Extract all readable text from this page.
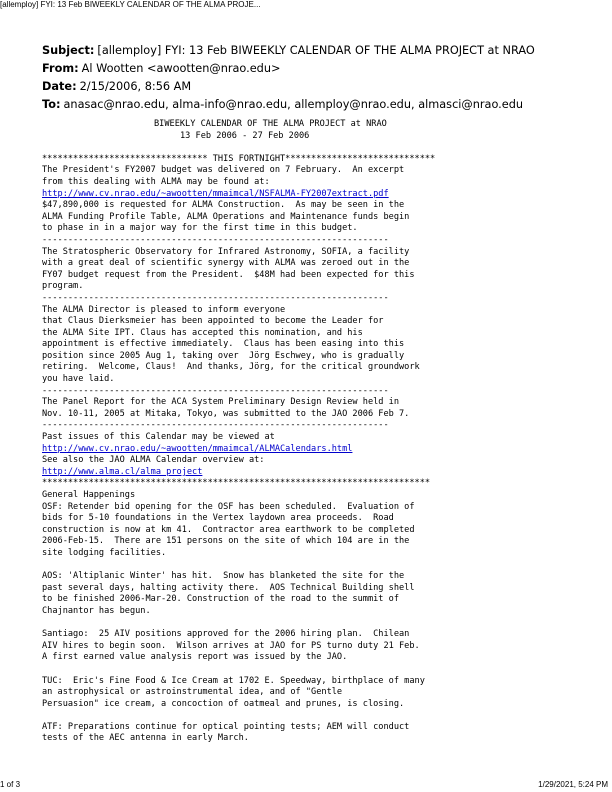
[allemploy] FYI: 13 Feb BIWEEKLY CALENDAR OF THE ALMA PROJE...
Subject: [allemploy] FYI: 13 Feb BIWEEKLY CALENDAR OF THE ALMA PROJECT at NRAO
From: Al Wootten <awootten@nrao.edu>
Date: 2/15/2006, 8:56 AM
To: anasac@nrao.edu, alma-info@nrao.edu, allemploy@nrao.edu, almasci@nrao.edu
BIWEEKLY CALENDAR OF THE ALMA PROJECT at NRAO
13 Feb 2006 - 27 Feb 2006

******************************** THIS FORTNIGHT*****************************
The President's FY2007 budget was delivered on 7 February.  An excerpt
from this dealing with ALMA may be found at:
http://www.cv.nrao.edu/~awootten/mmaimcal/NSFALMA-FY2007extract.pdf
$47,890,000 is requested for ALMA Construction.  As may be seen in the
ALMA Funding Profile Table, ALMA Operations and Maintenance funds begin
to phase in in a major way for the first time in this budget.
-------------------------------------------------------------------
The Stratospheric Observatory for Infrared Astronomy, SOFIA, a facility
with a great deal of scientific synergy with ALMA was zeroed out in the
FY07 budget request from the President.  $48M had been expected for this
program.
-------------------------------------------------------------------
The ALMA Director is pleased to inform everyone
that Claus Dierksmeier has been appointed to become the Leader for
the ALMA Site IPT. Claus has accepted this nomination, and his
appointment is effective immediately.  Claus has been easing into this
position since 2005 Aug 1, taking over  Jörg Eschwey, who is gradually
retiring.  Welcome, Claus!  And thanks, Jörg, for the critical groundwork
you have laid.
-------------------------------------------------------------------
The Panel Report for the ACA System Preliminary Design Review held in
Nov. 10-11, 2005 at Mitaka, Tokyo, was submitted to the JAO 2006 Feb 7.
-------------------------------------------------------------------
Past issues of this Calendar may be viewed at
http://www.cv.nrao.edu/~awootten/mmaimcal/ALMACalendars.html
See also the JAO ALMA Calendar overview at:
http://www.alma.cl/alma_project
***************************************************************************
General Happenings
OSF: Retender bid opening for the OSF has been scheduled.  Evaluation of
bids for 5-10 foundations in the Vertex laydown area proceeds.  Road
construction is now at km 41.  Contractor area earthwork to be completed
2006-Feb-15.  There are 151 persons on the site of which 104 are in the
site lodging facilities.

AOS: 'Altiplanic Winter' has hit.  Snow has blanketed the site for the
past several days, halting activity there.  AOS Technical Building shell
to be finished 2006-Mar-20. Construction of the road to the summit of
Chajnantor has begun.

Santiago:  25 AIV positions approved for the 2006 hiring plan.  Chilean
AIV hires to begin soon.  Wilson arrives at JAO for PS turno duty 21 Feb.
A first earned value analysis report was issued by the JAO.

TUC:  Eric's Fine Food & Ice Cream at 1702 E. Speedway, birthplace of many
an astrophysical or astroinstrumental idea, and of "Gentle
Persuasion" ice cream, a concoction of oatmeal and prunes, is closing.

ATF: Preparations continue for optical pointing tests; AEM will conduct
tests of the AEC antenna in early March.
1 of 3	1/29/2021, 5:24 PM
